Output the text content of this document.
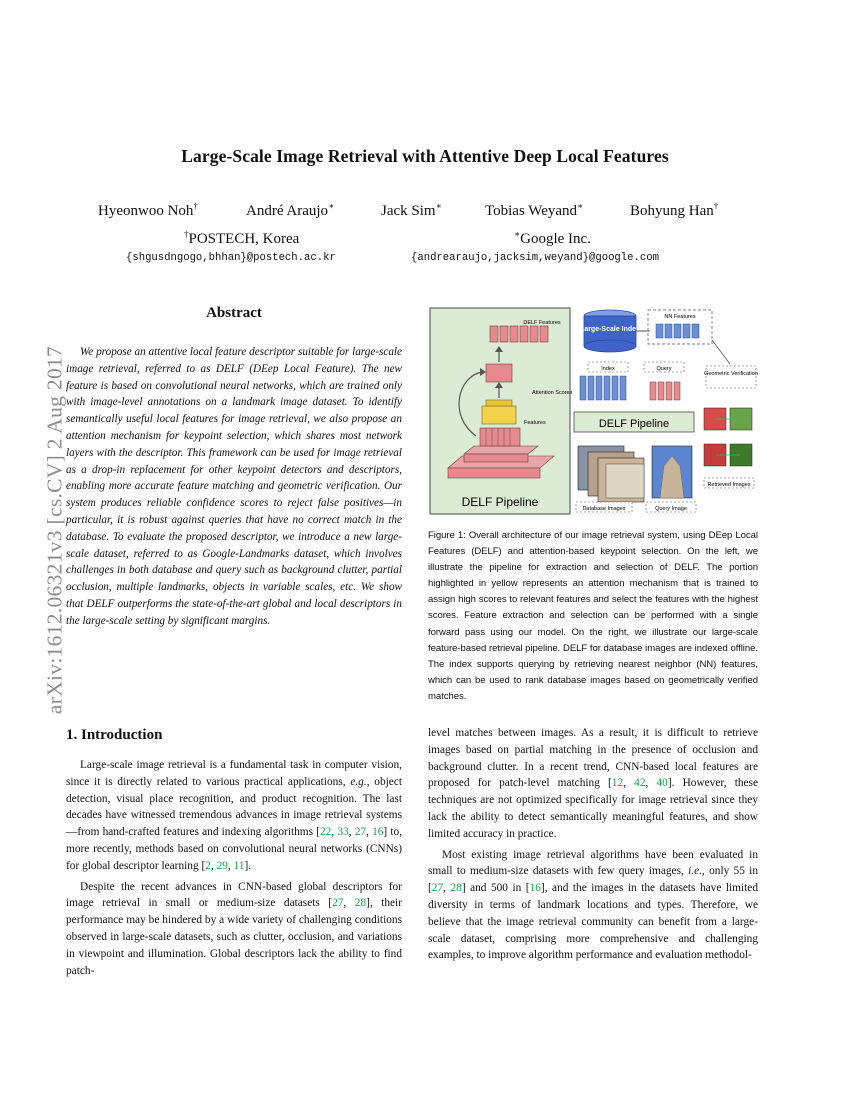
Large-Scale Image Retrieval with Attentive Deep Local Features
Hyeonwoo Noh†	André Araujo∗	Jack Sim∗	Tobias Weyand∗	Bohyung Han†
†POSTECH, Korea	∗Google Inc.
{shgusdngogo,bhhan}@postech.ac.kr	{andrearaujo,jacksim,weyand}@google.com
arXiv:1612.06321v3 [cs.CV] 2 Aug 2017
Abstract
We propose an attentive local feature descriptor suitable for large-scale image retrieval, referred to as DELF (DEep Local Feature). The new feature is based on convolutional neural networks, which are trained only with image-level annotations on a landmark image dataset. To identify semantically useful local features for image retrieval, we also propose an attention mechanism for keypoint selection, which shares most network layers with the descriptor. This framework can be used for image retrieval as a drop-in replacement for other keypoint detectors and descriptors, enabling more accurate feature matching and geometric verification. Our system produces reliable confidence scores to reject false positives—in particular, it is robust against queries that have no correct match in the database. To evaluate the proposed descriptor, we introduce a new large-scale dataset, referred to as Google-Landmarks dataset, which involves challenges in both database and query such as background clutter, partial occlusion, multiple landmarks, objects in variable scales, etc. We show that DELF outperforms the state-of-the-art global and local descriptors in the large-scale setting by significant margins.
DELF Features
Attention Scores
Features
DELF Pipeline
Large-Scale Index
NN Features
Index	Query
Geometric Verification
DELF Pipeline
Retrieved Images
Database Images	Query Image
Figure 1: Overall architecture of our image retrieval system, using DEep Local Features (DELF) and attention-based keypoint selection. On the left, we illustrate the pipeline for extraction and selection of DELF. The portion highlighted in yellow represents an attention mechanism that is trained to assign high scores to relevant features and select the features with the highest scores. Feature extraction and selection can be performed with a single forward pass using our model. On the right, we illustrate our large-scale feature-based retrieval pipeline. DELF for database images are indexed offline. The index supports querying by retrieving nearest neighbor (NN) features, which can be used to rank database images based on geometrically verified matches.
1. Introduction

Large-scale image retrieval is a fundamental task in computer vision, since it is directly related to various practical applications, e.g., object detection, visual place recognition, and product recognition. The last decades have witnessed tremendous advances in image retrieval systems—from hand-crafted features and indexing algorithms [22, 33, 27, 16] to, more recently, methods based on convolutional neural networks (CNNs) for global descriptor learning [2, 29, 11].

Despite the recent advances in CNN-based global descriptors for image retrieval in small or medium-size datasets [27, 28], their performance may be hindered by a wide variety of challenging conditions observed in large-scale datasets, such as clutter, occlusion, and variations in viewpoint and illumination. Global descriptors lack the ability to find patch-

level matches between images. As a result, it is difficult to retrieve images based on partial matching in the presence of occlusion and background clutter. In a recent trend, CNN-based local features are proposed for patch-level matching [12, 42, 40]. However, these techniques are not optimized specifically for image retrieval since they lack the ability to detect semantically meaningful features, and show limited accuracy in practice.

Most existing image retrieval algorithms have been evaluated in small to medium-size datasets with few query images, i.e., only 55 in [27, 28] and 500 in [16], and the images in the datasets have limited diversity in terms of landmark locations and types. Therefore, we believe that the image retrieval community can benefit from a large-scale dataset, comprising more comprehensive and challenging examples, to improve algorithm performance and evaluation methodol-
